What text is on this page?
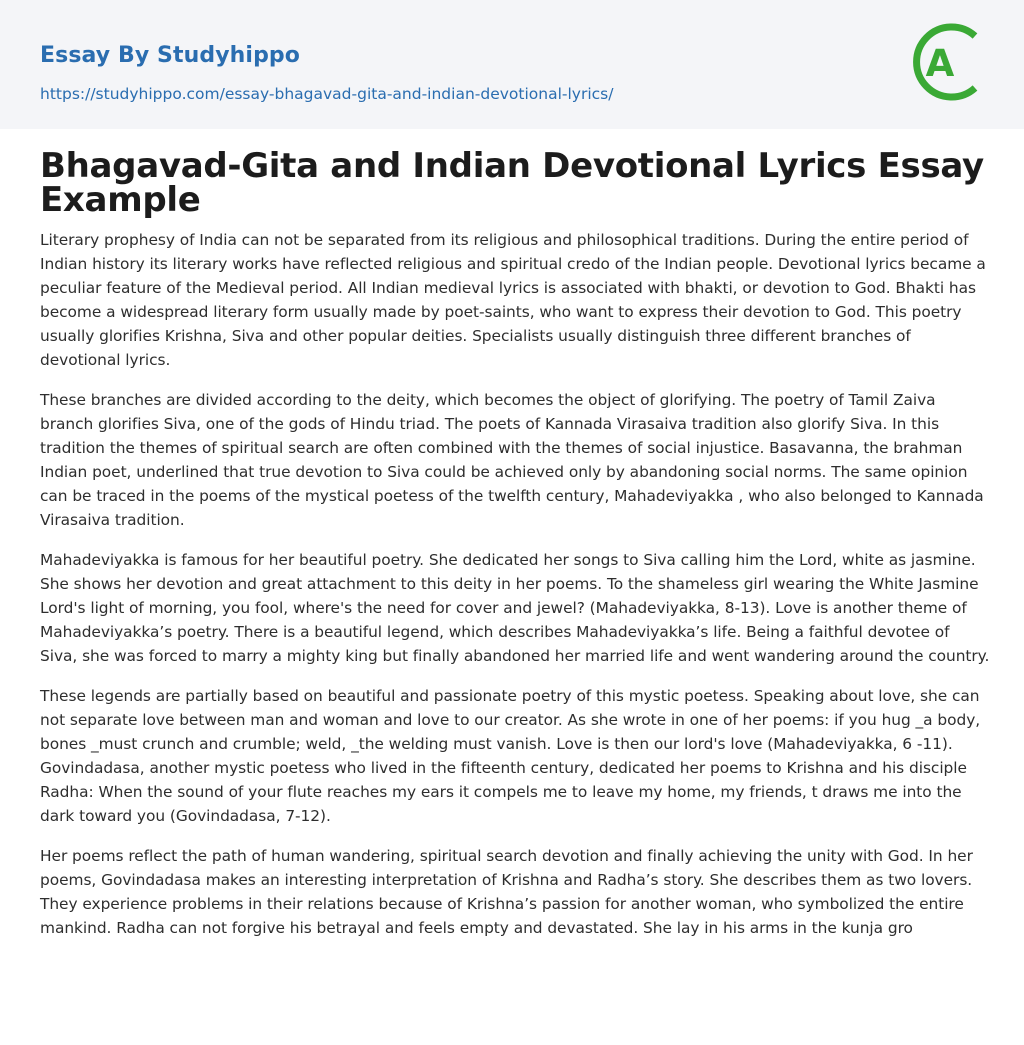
Essay By Studyhippo
https://studyhippo.com/essay-bhagavad-gita-and-indian-devotional-lyrics/
A
Bhagavad-Gita and Indian Devotional Lyrics Essay Example

Literary prophesy of India can not be separated from its religious and philosophical traditions. During the entire period of Indian history its literary works have reflected religious and spiritual credo of the Indian people. Devotional lyrics became a peculiar feature of the Medieval period. All Indian medieval lyrics is associated with bhakti, or devotion to God. Bhakti has become a widespread literary form usually made by poet-saints, who want to express their devotion to God. This poetry usually glorifies Krishna, Siva and other popular deities. Specialists usually distinguish three different branches of devotional lyrics.

These branches are divided according to the deity, which becomes the object of glorifying. The poetry of Tamil Zaiva branch glorifies Siva, one of the gods of Hindu triad. The poets of Kannada Virasaiva tradition also glorify Siva. In this tradition the themes of spiritual search are often combined with the themes of social injustice. Basavanna, the brahman Indian poet, underlined that true devotion to Siva could be achieved only by abandoning social norms. The same opinion can be traced in the poems of the mystical poetess of the twelfth century, Mahadeviyakka , who also belonged to Kannada Virasaiva tradition.

Mahadeviyakka is famous for her beautiful poetry. She dedicated her songs to Siva calling him the Lord, white as jasmine. She shows her devotion and great attachment to this deity in her poems. To the shameless girl wearing the White Jasmine Lord's light of morning, you fool, where's the need for cover and jewel? (Mahadeviyakka, 8-13). Love is another theme of Mahadeviyakka’s poetry. There is a beautiful legend, which describes Mahadeviyakka’s life. Being a faithful devotee of Siva, she was forced to marry a mighty king but finally abandoned her married life and went wandering around the country.

These legends are partially based on beautiful and passionate poetry of this mystic poetess. Speaking about love, she can not separate love between man and woman and love to our creator. As she wrote in one of her poems: if you hug _a body, bones _must crunch and crumble; weld, _the welding must vanish. Love is then our lord's love (Mahadeviyakka, 6 -11). Govindadasa, another mystic poetess who lived in the fifteenth century, dedicated her poems to Krishna and his disciple Radha: When the sound of your flute reaches my ears it compels me to leave my home, my friends, t draws me into the dark toward you (Govindadasa, 7-12).

Her poems reflect the path of human wandering, spiritual search devotion and finally achieving the unity with God. In her poems, Govindadasa makes an interesting interpretation of Krishna and Radha’s story. She describes them as two lovers. They experience problems in their relations because of Krishna’s passion for another woman, who symbolized the entire mankind. Radha can not forgive his betrayal and feels empty and devastated. She lay in his arms in the kunja gro
